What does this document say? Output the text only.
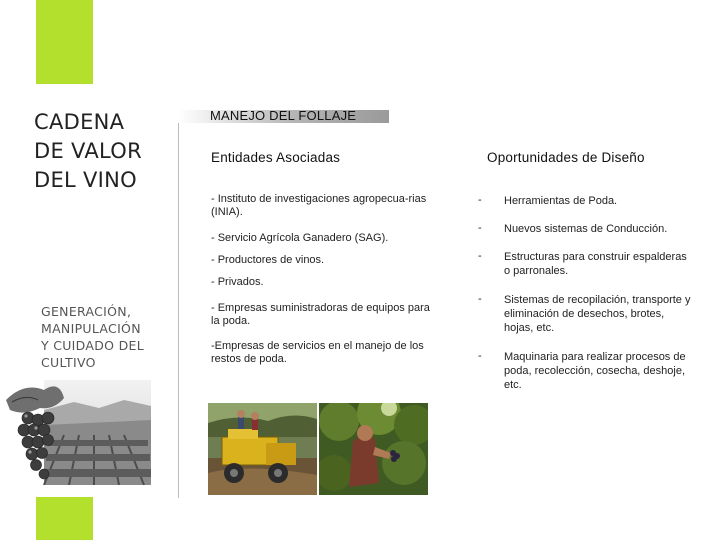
CADENA
DE VALOR
DEL VINO
GENERACIÓN,
MANIPULACIÓN
Y CUIDADO DEL
CULTIVO
MANEJO DEL FOLLAJE
Entidades Asociadas	Oportunidades de Diseño
- Instituto de investigaciones agropecua-rias (INIA).
- Servicio Agrícola Ganadero (SAG).
- Productores de vinos.
- Privados.
- Empresas suministradoras de equipos para la poda.
-Empresas de servicios en el manejo de los restos de poda.
- Herramientas de Poda.
- Nuevos sistemas de Conducción.
- Estructuras para construir espalderas o parronales.
- Sistemas de recopilación, transporte y eliminación de desechos, brotes, hojas, etc.
- Maquinaria para realizar procesos de poda, recolección, cosecha, deshoje, etc.
